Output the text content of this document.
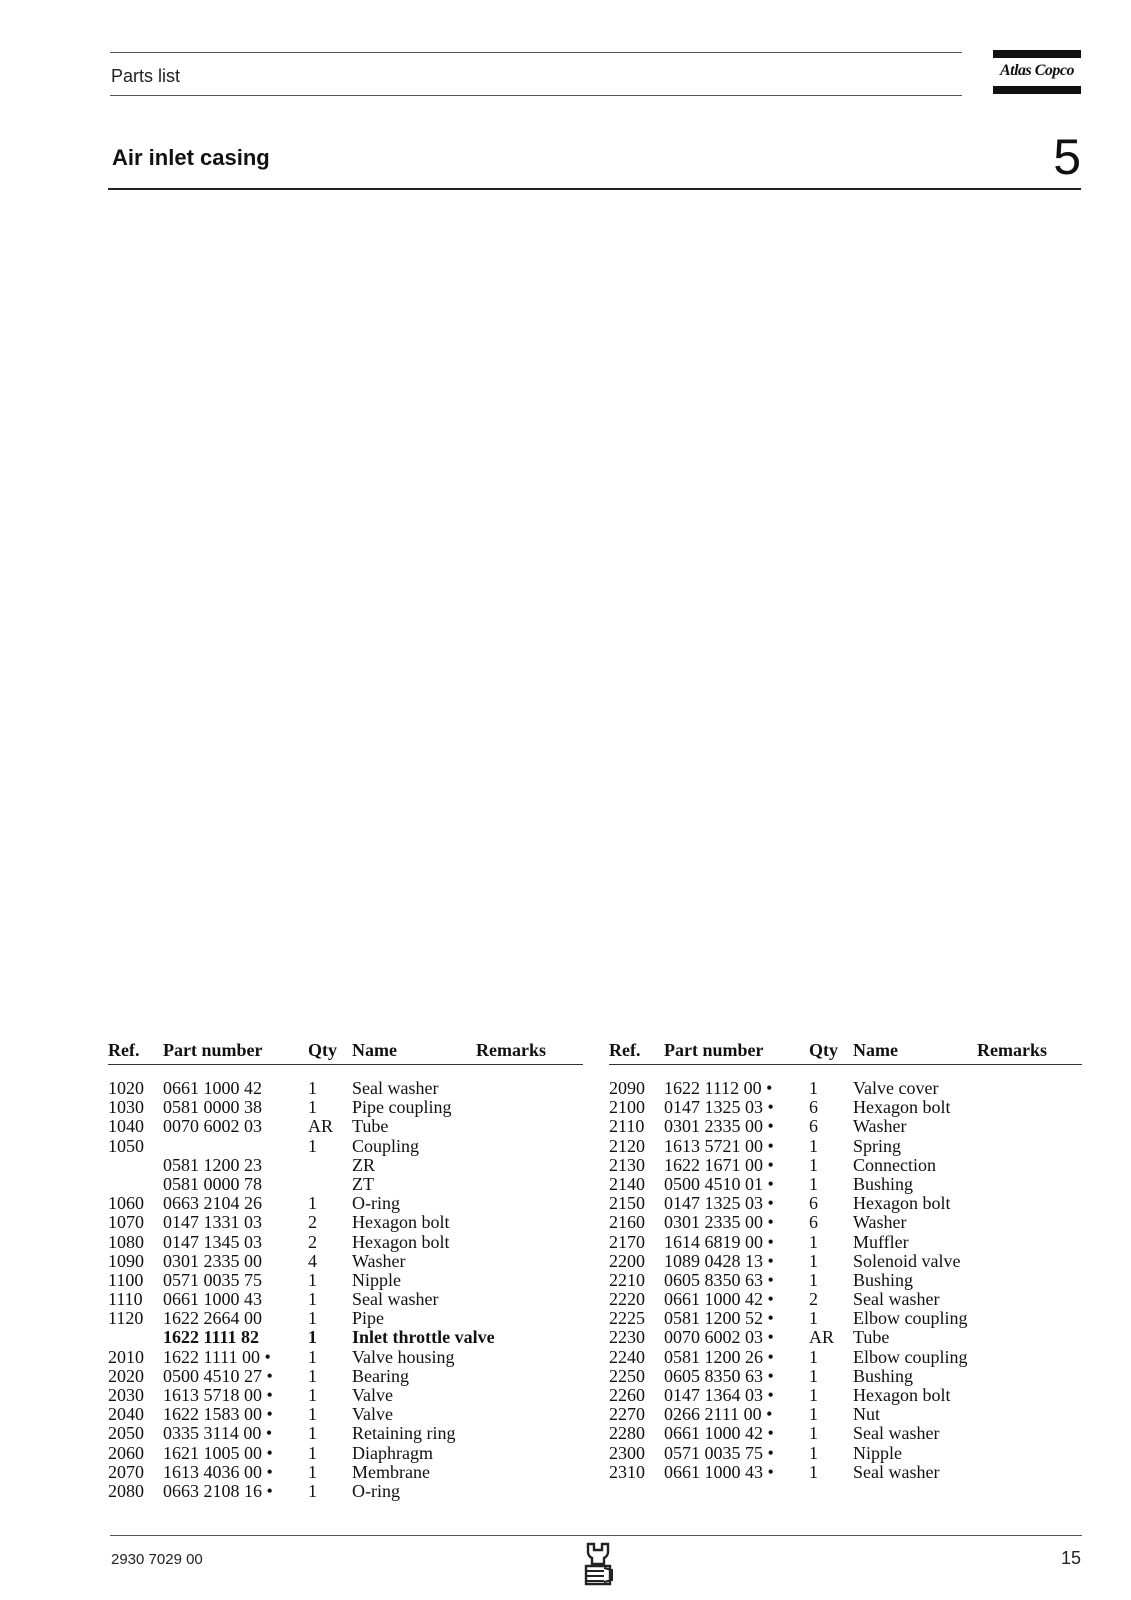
Parts list	Atlas Copco
Air inlet casing	5
Ref. Part number	Qty Name	Remarks
1020 0661 1000 42	1 Seal washer
1030 0581 0000 38	1 Pipe coupling
1040 0070 6002 03	AR Tube
1050	1 Coupling
0581 1200 23	ZR
0581 0000 78	ZT
1060 0663 2104 26	1 O-ring
1070 0147 1331 03	2 Hexagon bolt
1080 0147 1345 03	2 Hexagon bolt
1090 0301 2335 00	4 Washer
1100 0571 0035 75	1 Nipple
1110 0661 1000 43	1 Seal washer
1120 1622 2664 00	1 Pipe
1622 1111 82	1 Inlet throttle valve
2010 1622 1111 00 • 1 Valve housing
2020 0500 4510 27 • 1 Bearing
2030 1613 5718 00 • 1 Valve
2040 1622 1583 00 • 1 Valve
2050 0335 3114 00 • 1 Retaining ring
2060 1621 1005 00 • 1 Diaphragm
2070 1613 4036 00 • 1 Membrane
2080 0663 2108 16 • 1 O-ring
Ref. Part number	Qty Name	Remarks
2090 1622 1112 00 • 1 Valve cover
2100 0147 1325 03 • 6 Hexagon bolt
2110 0301 2335 00 • 6 Washer
2120 1613 5721 00 • 1 Spring
2130 1622 1671 00 • 1 Connection
2140 0500 4510 01 • 1 Bushing
2150 0147 1325 03 • 6 Hexagon bolt
2160 0301 2335 00 • 6 Washer
2170 1614 6819 00 • 1 Muffler
2200 1089 0428 13 • 1 Solenoid valve
2210 0605 8350 63 • 1 Bushing
2220 0661 1000 42 • 2 Seal washer
2225 0581 1200 52 • 1 Elbow coupling
2230 0070 6002 03 • AR Tube
2240 0581 1200 26 • 1 Elbow coupling
2250 0605 8350 63 • 1 Bushing
2260 0147 1364 03 • 1 Hexagon bolt
2270 0266 2111 00 • 1 Nut
2280 0661 1000 42 • 1 Seal washer
2300 0571 0035 75 • 1 Nipple
2310 0661 1000 43 • 1 Seal washer
2930 7029 00	15
